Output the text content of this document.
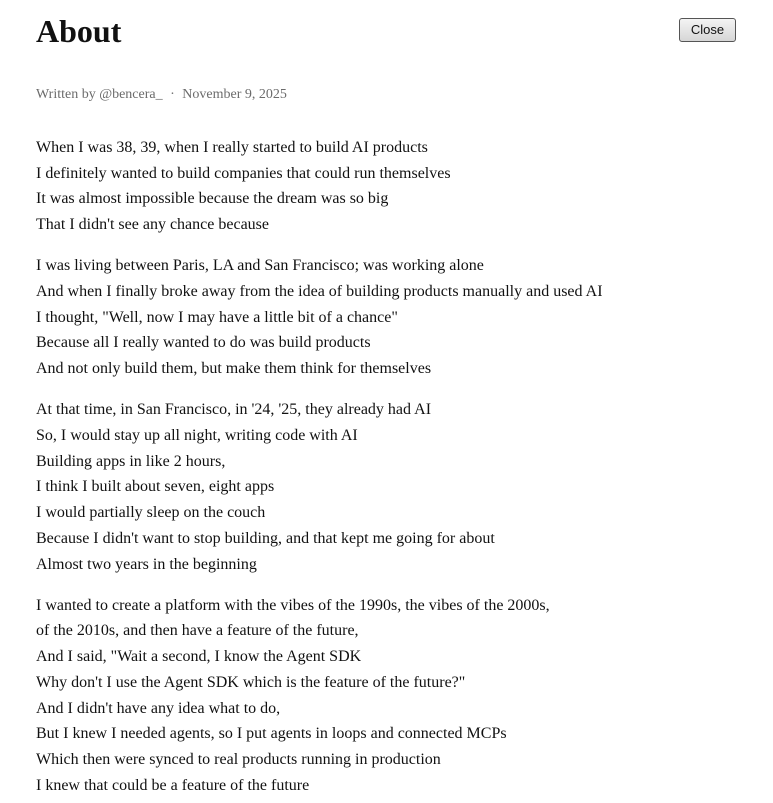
About	Close
Written by @bencera_ · November 9, 2025
When I was 38, 39, when I really started to build AI products
I definitely wanted to build companies that could run themselves
It was almost impossible because the dream was so big
That I didn't see any chance because
I was living between Paris, LA and San Francisco; was working alone
And when I finally broke away from the idea of building products manually and used AI
I thought, "Well, now I may have a little bit of a chance"
Because all I really wanted to do was build products
And not only build them, but make them think for themselves
At that time, in San Francisco, in '24, '25, they already had AI
So, I would stay up all night, writing code with AI
Building apps in like 2 hours,
I think I built about seven, eight apps
I would partially sleep on the couch
Because I didn't want to stop building, and that kept me going for about
Almost two years in the beginning
I wanted to create a platform with the vibes of the 1990s, the vibes of the 2000s,
of the 2010s, and then have a feature of the future,
And I said, "Wait a second, I know the Agent SDK
Why don't I use the Agent SDK which is the feature of the future?"
And I didn't have any idea what to do,
But I knew I needed agents, so I put agents in loops and connected MCPs
Which then were synced to real products running in production
I knew that could be a feature of the future
